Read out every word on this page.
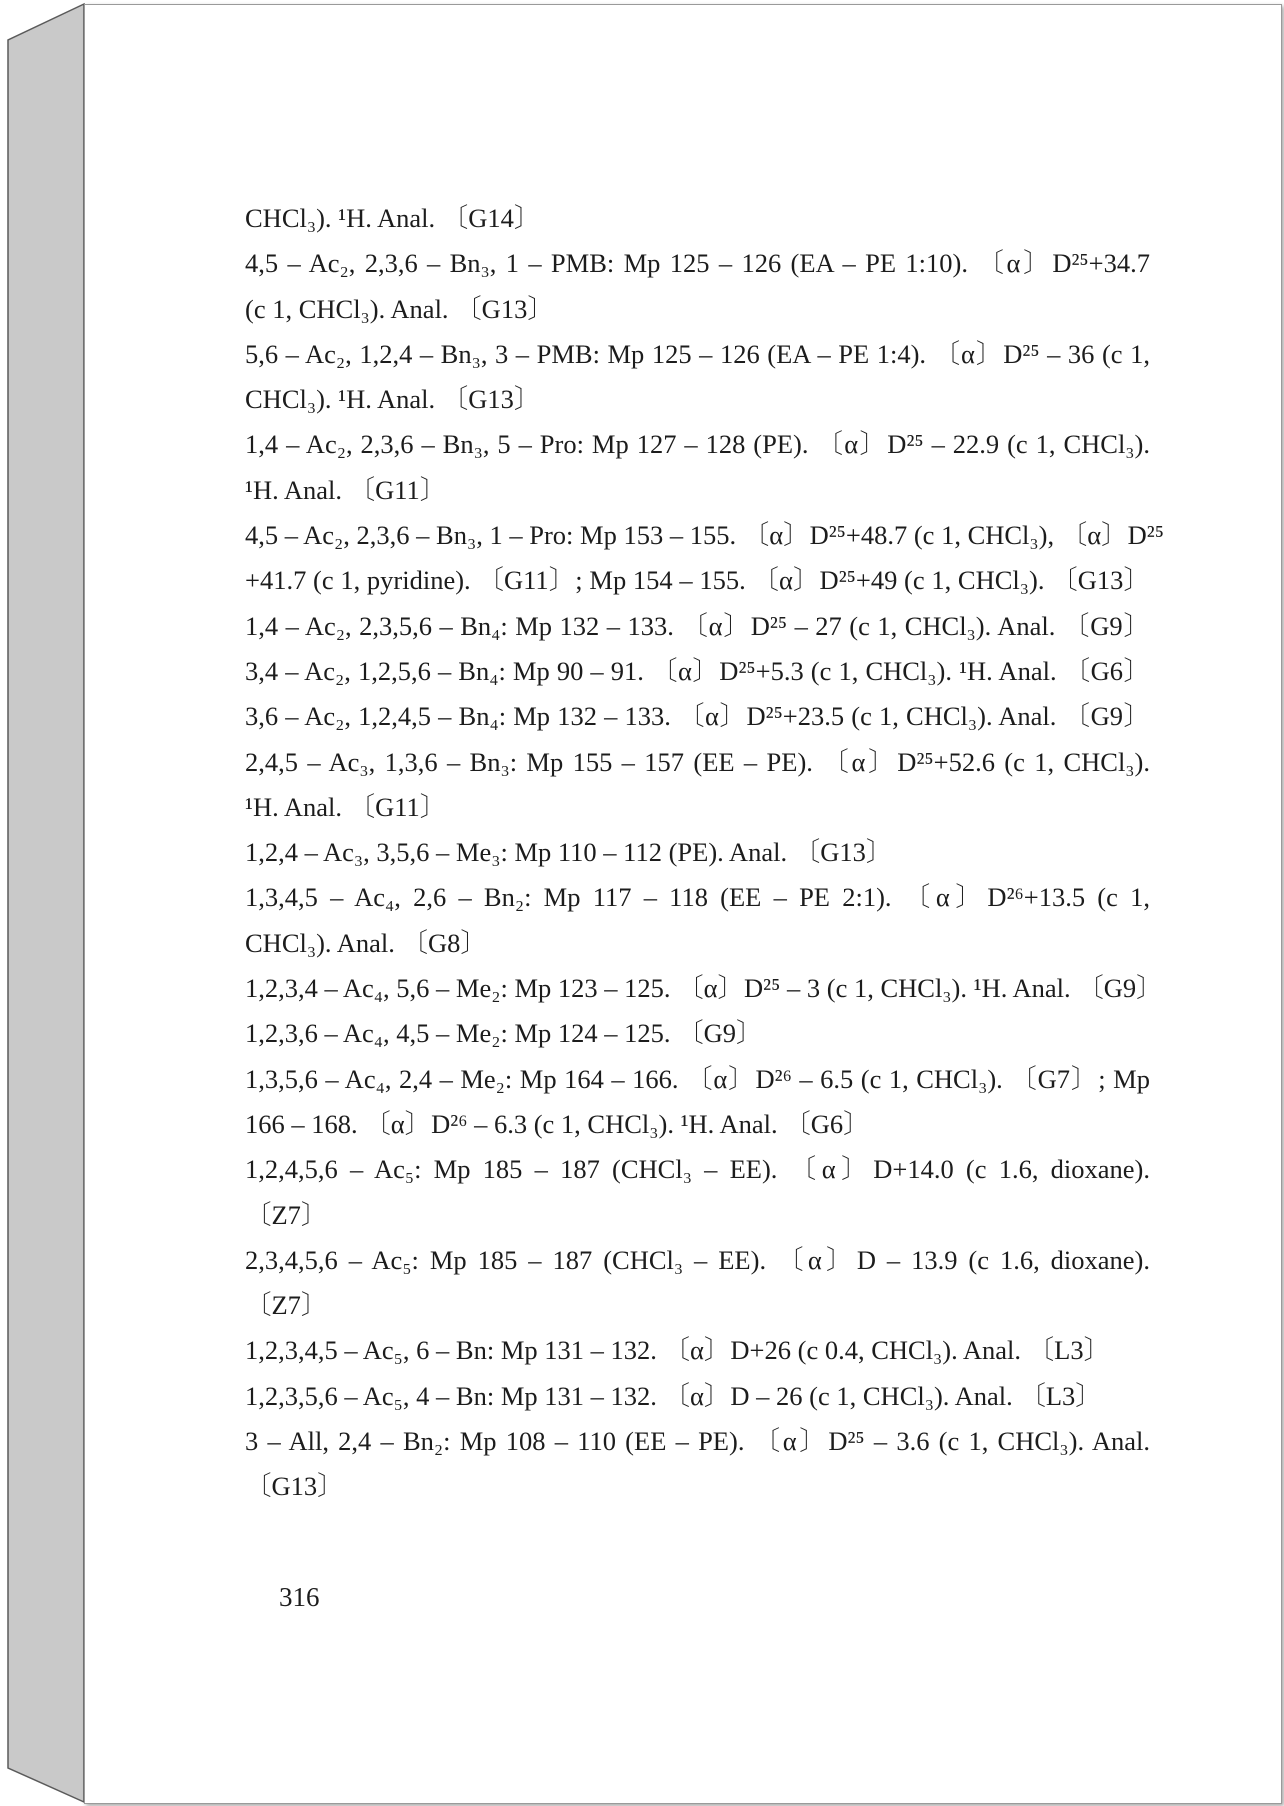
CHCl₃). ¹H. Anal. 〔G14〕
4,5 – Ac₂, 2,3,6 – Bn₃, 1 – PMB: Mp 125 – 126 (EA – PE 1:10). 〔α〕D²⁵+34.7
(c 1, CHCl₃). Anal. 〔G13〕
5,6 – Ac₂, 1,2,4 – Bn₃, 3 – PMB: Mp 125 – 126 (EA – PE 1:4). 〔α〕D²⁵ – 36 (c 1,
CHCl₃). ¹H. Anal. 〔G13〕
1,4 – Ac₂, 2,3,6 – Bn₃, 5 – Pro: Mp 127 – 128 (PE). 〔α〕D²⁵ – 22.9 (c 1, CHCl₃).
¹H. Anal. 〔G11〕
4,5 – Ac₂, 2,3,6 – Bn₃, 1 – Pro: Mp 153 – 155. 〔α〕D²⁵+48.7 (c 1, CHCl₃), 〔α〕D²⁵
+41.7 (c 1, pyridine). 〔G11〕; Mp 154 – 155. 〔α〕D²⁵+49 (c 1, CHCl₃). 〔G13〕
1,4 – Ac₂, 2,3,5,6 – Bn₄: Mp 132 – 133. 〔α〕D²⁵ – 27 (c 1, CHCl₃). Anal. 〔G9〕
3,4 – Ac₂, 1,2,5,6 – Bn₄: Mp 90 – 91. 〔α〕D²⁵+5.3 (c 1, CHCl₃). ¹H. Anal. 〔G6〕
3,6 – Ac₂, 1,2,4,5 – Bn₄: Mp 132 – 133. 〔α〕D²⁵+23.5 (c 1, CHCl₃). Anal. 〔G9〕
2,4,5 – Ac₃, 1,3,6 – Bn₃: Mp 155 – 157 (EE – PE). 〔α〕D²⁵+52.6 (c 1, CHCl₃).
¹H. Anal. 〔G11〕
1,2,4 – Ac₃, 3,5,6 – Me₃: Mp 110 – 112 (PE). Anal. 〔G13〕
1,3,4,5 – Ac₄, 2,6 – Bn₂: Mp 117 – 118 (EE – PE 2:1). 〔α〕D²⁶+13.5 (c 1,
CHCl₃). Anal. 〔G8〕
1,2,3,4 – Ac₄, 5,6 – Me₂: Mp 123 – 125. 〔α〕D²⁵ – 3 (c 1, CHCl₃). ¹H. Anal. 〔G9〕
1,2,3,6 – Ac₄, 4,5 – Me₂: Mp 124 – 125. 〔G9〕
1,3,5,6 – Ac₄, 2,4 – Me₂: Mp 164 – 166. 〔α〕D²⁶ – 6.5 (c 1, CHCl₃). 〔G7〕; Mp
166 – 168. 〔α〕D²⁶ – 6.3 (c 1, CHCl₃). ¹H. Anal. 〔G6〕
1,2,4,5,6 – Ac₅: Mp 185 – 187 (CHCl₃ – EE). 〔α〕D+14.0 (c 1.6, dioxane).
〔Z7〕
2,3,4,5,6 – Ac₅: Mp 185 – 187 (CHCl₃ – EE). 〔α〕D – 13.9 (c 1.6, dioxane).
〔Z7〕
1,2,3,4,5 – Ac₅, 6 – Bn: Mp 131 – 132. 〔α〕D+26 (c 0.4, CHCl₃). Anal. 〔L3〕
1,2,3,5,6 – Ac₅, 4 – Bn: Mp 131 – 132. 〔α〕D – 26 (c 1, CHCl₃). Anal. 〔L3〕
3 – All, 2,4 – Bn₂: Mp 108 – 110 (EE – PE). 〔α〕D²⁵ – 3.6 (c 1, CHCl₃). Anal.
〔G13〕
316
